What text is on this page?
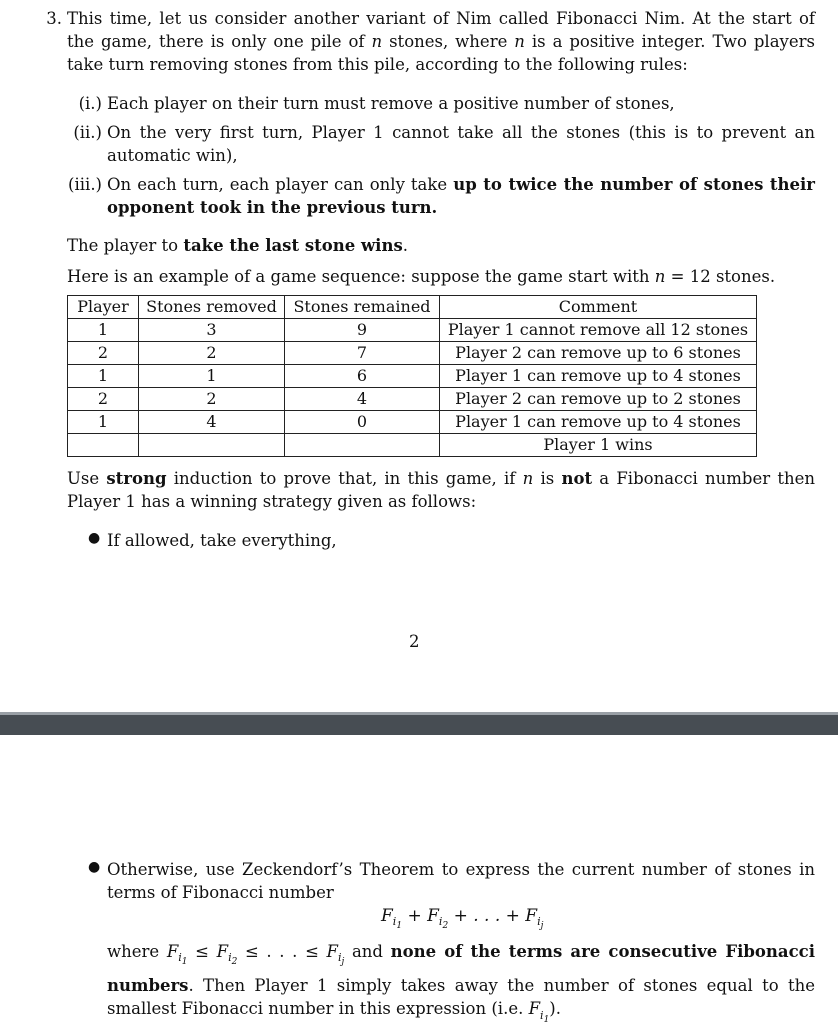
3. This time, let us consider another variant of Nim called Fibonacci Nim. At the start of the game, there is only one pile of n stones, where n is a positive integer. Two players take turn removing stones from this pile, according to the following rules:

(i.) Each player on their turn must remove a positive number of stones,

(ii.) On the very first turn, Player 1 cannot take all the stones (this is to prevent an automatic win),

(iii.) On each turn, each player can only take up to twice the number of stones their opponent took in the previous turn.

The player to take the last stone wins.

Here is an example of a game sequence: suppose the game start with n = 12 stones.

Player	Stones removed	Stones remained	Comment
1	3	9	Player 1 cannot remove all 12 stones
2	2	7	Player 2 can remove up to 6 stones
1	1	6	Player 1 can remove up to 4 stones
2	2	4	Player 2 can remove up to 2 stones
1	4	0	Player 1 can remove up to 4 stones
			Player 1 wins

Use strong induction to prove that, in this game, if n is not a Fibonacci number then Player 1 has a winning strategy given as follows:

● If allowed, take everything,

2
● Otherwise, use Zeckendorf’s Theorem to express the current number of stones in terms of Fibonacci number

$F_{i_1} + F_{i_2}$ + . . . + $F_{i_j}$

where $F_{i_1} \le F_{i_2}$ ≤ . . . ≤ $F_{i_j}$ and none of the terms are consecutive Fibonacci numbers. Then Player 1 simply takes away the number of stones equal to the smallest Fibonacci number in this expression (i.e. $F_{i_1}$).
